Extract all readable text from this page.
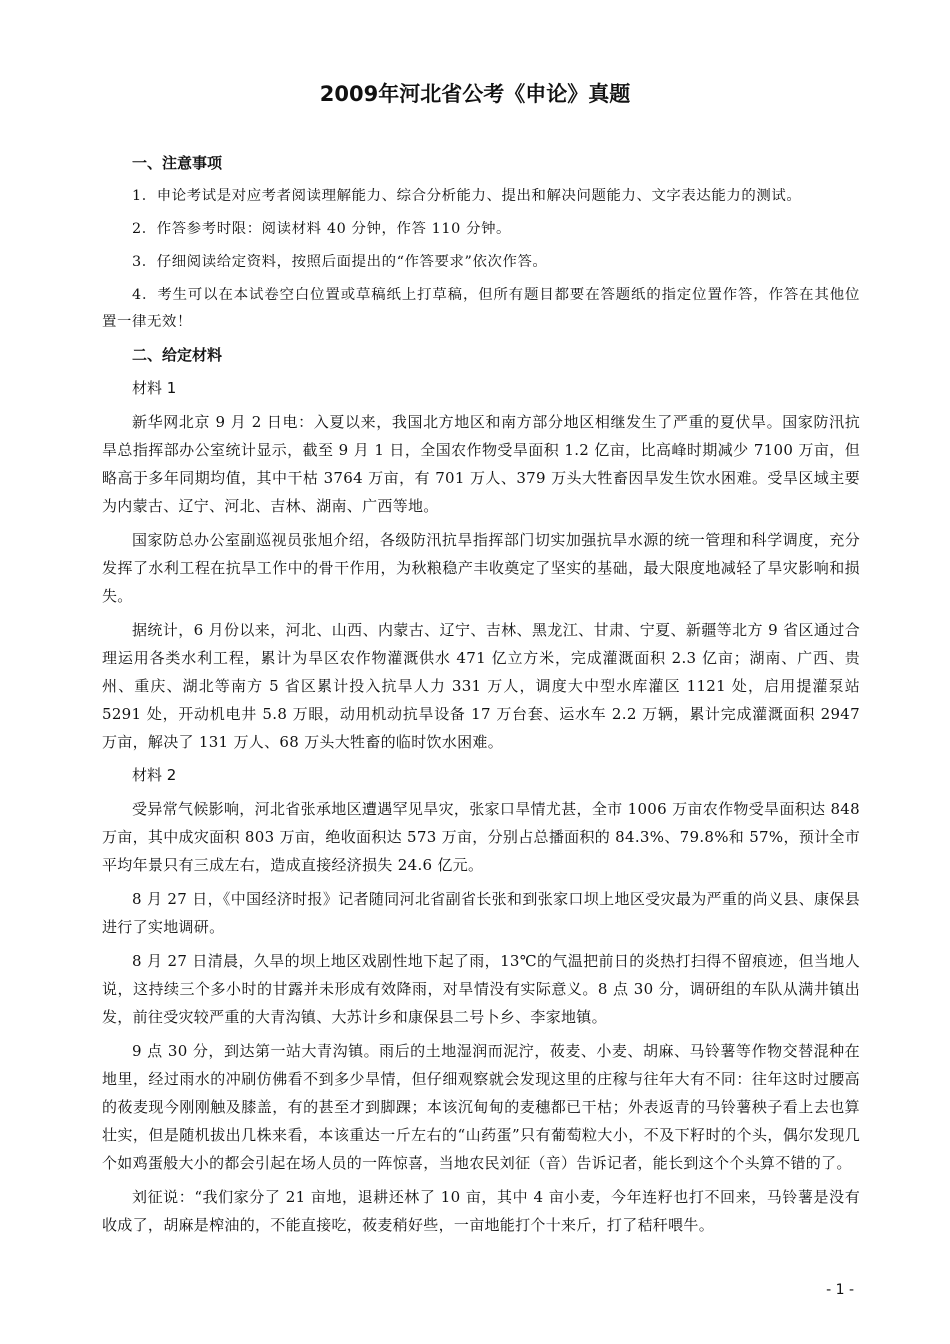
2009年河北省公考《申论》真题
一、注意事项

1．申论考试是对应考者阅读理解能力、综合分析能力、提出和解决问题能力、文字表达能力的测试。

2．作答参考时限：阅读材料 40 分钟，作答 110 分钟。

3．仔细阅读给定资料，按照后面提出的“作答要求”依次作答。

4．考生可以在本试卷空白位置或草稿纸上打草稿，但所有题目都要在答题纸的指定位置作答，作答在其他位置一律无效！

二、给定材料
材料 1

新华网北京 9 月 2 日电：入夏以来，我国北方地区和南方部分地区相继发生了严重的夏伏旱。国家防汛抗旱总指挥部办公室统计显示，截至 9 月 1 日，全国农作物受旱面积 1.2 亿亩，比高峰时期减少 7100 万亩，但略高于多年同期均值，其中干枯 3764 万亩，有 701 万人、379 万头大牲畜因旱发生饮水困难。受旱区域主要为内蒙古、辽宁、河北、吉林、湖南、广西等地。

国家防总办公室副巡视员张旭介绍，各级防汛抗旱指挥部门切实加强抗旱水源的统一管理和科学调度，充分发挥了水利工程在抗旱工作中的骨干作用，为秋粮稳产丰收奠定了坚实的基础，最大限度地减轻了旱灾影响和损失。

据统计，6 月份以来，河北、山西、内蒙古、辽宁、吉林、黑龙江、甘肃、宁夏、新疆等北方 9 省区通过合理运用各类水利工程，累计为旱区农作物灌溉供水 471 亿立方米，完成灌溉面积 2.3 亿亩；湖南、广西、贵州、重庆、湖北等南方 5 省区累计投入抗旱人力 331 万人，调度大中型水库灌区 1121 处，启用提灌泵站 5291 处，开动机电井 5.8 万眼，动用机动抗旱设备 17 万台套、运水车 2.2 万辆，累计完成灌溉面积 2947 万亩，解决了 131 万人、68 万头大牲畜的临时饮水困难。

材料 2

受异常气候影响，河北省张承地区遭遇罕见旱灾，张家口旱情尤甚，全市 1006 万亩农作物受旱面积达 848 万亩，其中成灾面积 803 万亩，绝收面积达 573 万亩，分别占总播面积的 84.3%、79.8%和 57%，预计全市平均年景只有三成左右，造成直接经济损失 24.6 亿元。

8 月 27 日，《中国经济时报》记者随同河北省副省长张和到张家口坝上地区受灾最为严重的尚义县、康保县进行了实地调研。

8 月 27 日清晨，久旱的坝上地区戏剧性地下起了雨，13℃的气温把前日的炎热打扫得不留痕迹，但当地人说，这持续三个多小时的甘露并未形成有效降雨，对旱情没有实际意义。8 点 30 分，调研组的车队从满井镇出发，前往受灾较严重的大青沟镇、大苏计乡和康保县二号卜乡、李家地镇。

9 点 30 分，到达第一站大青沟镇。雨后的土地湿润而泥泞，莜麦、小麦、胡麻、马铃薯等作物交替混种在地里，经过雨水的冲刷仿佛看不到多少旱情，但仔细观察就会发现这里的庄稼与往年大有不同：往年这时过腰高的莜麦现今刚刚触及膝盖，有的甚至才到脚踝；本该沉甸甸的麦穗都已干枯；外表返青的马铃薯秧子看上去也算壮实，但是随机拔出几株来看，本该重达一斤左右的“山药蛋”只有葡萄粒大小，不及下籽时的个头，偶尔发现几个如鸡蛋般大小的都会引起在场人员的一阵惊喜，当地农民刘征（音）告诉记者，能长到这个个头算不错的了。

刘征说：“我们家分了 21 亩地，退耕还林了 10 亩，其中 4 亩小麦，今年连籽也打不回来，马铃薯是没有收成了，胡麻是榨油的，不能直接吃，莜麦稍好些，一亩地能打个十来斤，打了秸秆喂牛。

- 1 -
